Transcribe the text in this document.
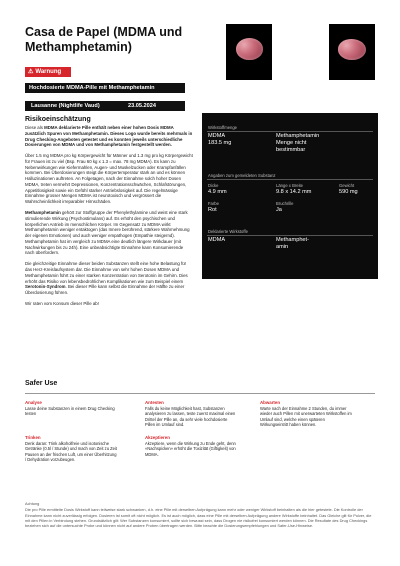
Casa de Papel (MDMA und Methamphetamin)
⚠ Warnung
Hochdosierte MDMA-Pille mit Methamphetamin
Lausanne (Nightlife Vaud)	23.05.2024
Wirkstoffmenge
MDMA
183.5 mg
Methamphetamin
Menge nicht bestimmbar
Angaben zum gemeldeten Substanz
Dicke
4.9 mm
Länge x Breite
9.8 x 14.2 mm
Gewicht
590 mg
Farbe
Rot
Bruchrille
Ja
Deklarierte Wirkstoffe
MDMA	Methamphet-amin
Risikoeinschätzung

Diese als MDMA deklarierte Pille enthält neben einer hohen Dosis MDMA zusätzlich Spuren von Methamphetamin. Dieses Logo wurde bereits mehrmals in Drug Checking-Angeboten getestet und es konnten jeweils unterschiedliche Dosierungen von MDMA und von Methamphetamin festgestellt werden.

Über 1.5 mg MDMA pro kg Körpergewicht für Männer und 1.3 mg pro kg Körpergewicht für Frauen ist zu viel (Bsp. Frau 60 kg x 1.3 = max. 78 mg MDMA). Es kann zu Nebenwirkungen wie Kiefermahlen, Augen- und Muskelzucken oder Krampfanfällen kommen. Bei Überdosierungen steigt die Körpertemperatur stark an und es können Halluzinationen auftreten. An Folgetagen, nach der Einnahme solch hoher Dosen MDMA, treten vermehrt Depressionen, Konzentrationsschwächen, Schlafstörungen, Appetitlosigkeit sowie ein Gefühl starker Antriebslosigkeit auf. Die regelmässige Einnahme grosser Mengen MDMA ist neurotoxisch und vergrössert die Wahrscheinlichkeit irreparabler Hirnschäden.

Methamphetamin gehört zur Stoffgruppe der Phenylethylamine und weist eine stark stimulierende Wirkung (Psychostimulans) auf. Es erhöht den psychischen und körperlichen Antrieb im menschlichen Körper. Im Gegensatz zu MDMA wirkt Methamphetamin weniger entaktogen (das Innere berührend, stärkere Wahrnehmung der eigenen Emotionen) und auch weniger empathogen (Empathie steigernd). Methamphetamin hat im vergleich zu MDMA eine deutlich längere Wirkdauer (mit Nachwirkungen bis zu 24h). Eine unbeabsichtigte Einnahme kann Konsumierende nach überfordern.

Die gleichzeitige Einnahme dieser beiden Substanzen stellt eine hohe Belastung für das Herz-Kreislaufsystem dar. Die Einnahme von sehr hohen Dosen MDMA und Methamphetamin führt zu einer starken Konzentration von Serotonin im Gehirn. Dies erhöht das Risiko von lebensbedrohlichen Komplikationen wie zum Beispiel einem Serotonin-Syndrom. Bei dieser Pille kann selbst die Einnahme der Hälfte zu einer Überdosierung führen.

Wir raten vom Konsum dieser Pille ab!

Safer Use
Analyse
Lasse deine Substanzen in einem Drug Checking testen
Antesten
Falls du keine Möglichkeit hast, Substanzen analysieren zu lassen, teste zuerst maximal einen Drittel der Pille an, da sehr viele hochdosierte Pillen im Umlauf sind.
Abwarten
Warte nach der Einnahme 2 Stunden, du immer wieder auch Pillen mit unerwarteten Wirkstoffen im Umlauf sind, welche einen späteren Wirkungseintritt haben können.
Trinken
Denk daran: Trink alkoholfreie und isotonische Getränke (0.5l / Stunde) und mach von Zeit zu Zeit Pausen an der frischen Luft, um einer Überhitzung / Dehydration vorzubeugen.
Akzeptieren
Akzeptiere, wenn die Wirkung zu Ende geht, denn «Nachspicken» erhöht die Toxizität (Giftigkeit) von MDMA.
Achtung
Die pro Pille ermittelte Dosis Wirkstoff kann teilweise stark schwanken, d.h. eine Pille mit derselben Aufprägung kann mehr oder weniger Wirkstoff beinhalten als die hier getestete. Die Kontrolle der Einnahme kann nicht zuverlässig erfolgen. Dosieren ist somit oft nicht möglich. Es ist auch möglich, dass eine Pille mit derselben Aufprägung andere Wirkstoffe beinhaltet. Das Gleiche gilt für Pulver, die mit den Pillen in Verbindung stehen. Grundsätzlich gilt: Wer Substanzen konsumiert, sollte sich bewusst sein, dass Drogen nie risikofrei konsumiert werden können. Die Resultate des Drug Checkings beziehen sich auf die untersuchte Probe und können nicht auf andere Proben übertragen werden. Bitte beachte die Dosierungsempfehlungen und Safer-Use-Hinweise.
